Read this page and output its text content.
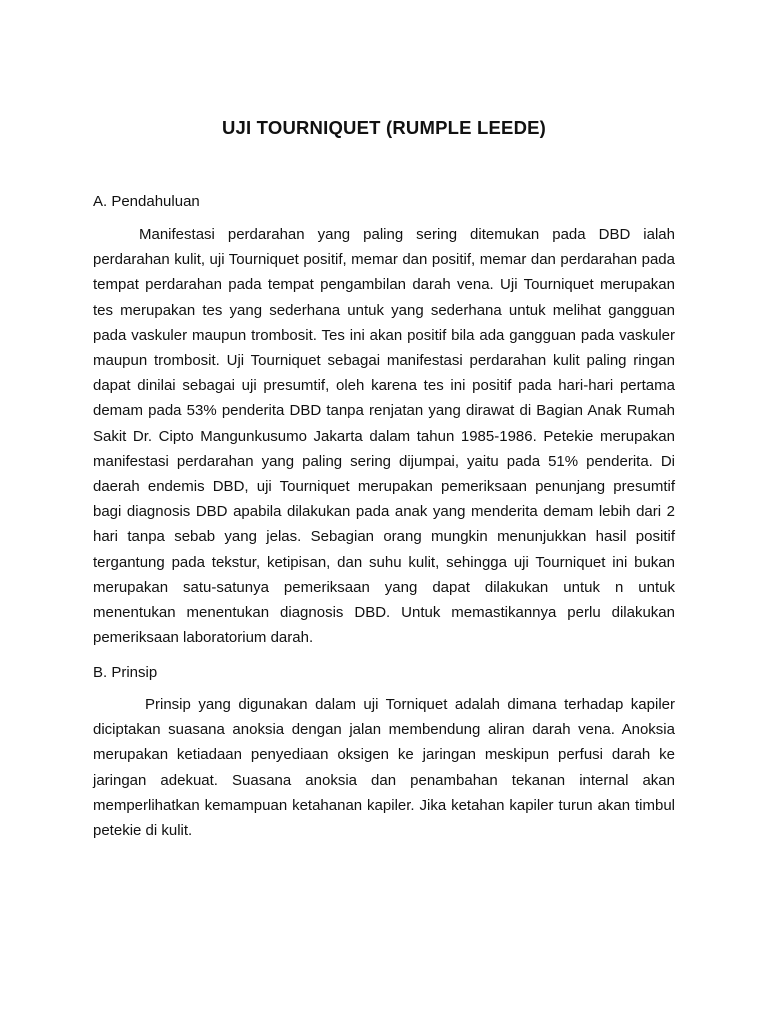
UJI TOURNIQUET (RUMPLE LEEDE)
A. Pendahuluan

Manifestasi perdarahan yang paling sering ditemukan pada DBD ialah perdarahan kulit, uji Tourniquet positif, memar dan positif, memar dan perdarahan pada tempat perdarahan pada tempat pengambilan darah vena. Uji Tourniquet merupakan tes merupakan tes yang sederhana untuk yang sederhana untuk melihat gangguan pada vaskuler maupun trombosit. Tes ini akan positif bila ada gangguan pada vaskuler maupun trombosit. Uji Tourniquet sebagai manifestasi perdarahan kulit paling ringan dapat dinilai sebagai uji presumtif, oleh karena tes ini positif pada hari-hari pertama demam pada 53% penderita DBD tanpa renjatan yang dirawat di Bagian Anak Rumah Sakit Dr. Cipto Mangunkusumo Jakarta dalam tahun 1985-1986. Petekie merupakan manifestasi perdarahan yang paling sering dijumpai, yaitu pada 51% penderita. Di daerah endemis DBD, uji Tourniquet merupakan pemeriksaan penunjang presumtif bagi diagnosis DBD apabila dilakukan pada anak yang menderita demam lebih dari 2 hari tanpa sebab yang jelas. Sebagian orang mungkin menunjukkan hasil positif tergantung pada tekstur, ketipisan, dan suhu kulit, sehingga uji Tourniquet ini bukan merupakan satu-satunya pemeriksaan yang dapat dilakukan untuk n untuk menentukan menentukan diagnosis DBD. Untuk memastikannya perlu dilakukan pemeriksaan laboratorium darah.

B. Prinsip

Prinsip yang digunakan dalam uji Torniquet adalah dimana terhadap kapiler diciptakan suasana anoksia dengan jalan membendung aliran darah vena. Anoksia merupakan ketiadaan penyediaan oksigen ke jaringan meskipun perfusi darah ke jaringan adekuat. Suasana anoksia dan penambahan tekanan internal akan memperlihatkan kemampuan ketahanan kapiler. Jika ketahan kapiler turun akan timbul petekie di kulit.
